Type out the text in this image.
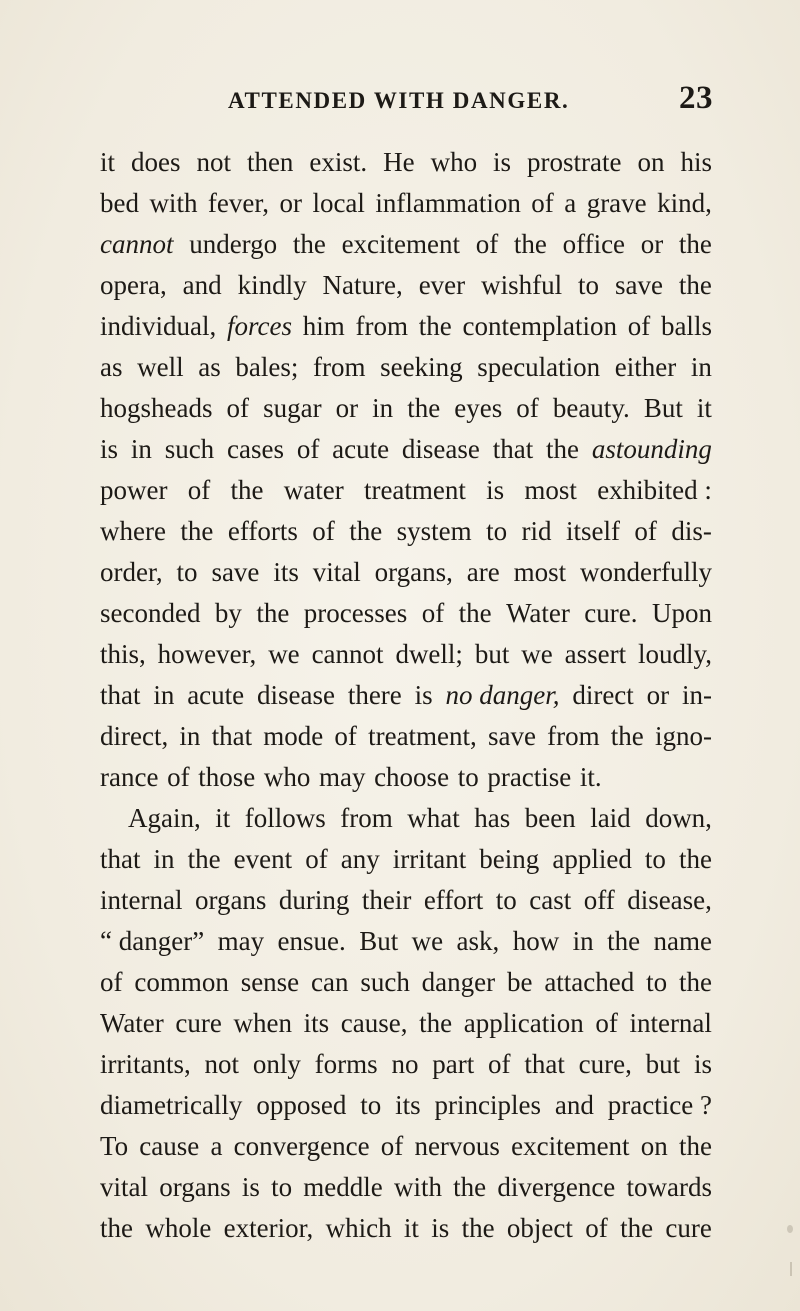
ATTENDED WITH DANGER.	23
it does not then exist. He who is prostrate on his
bed with fever, or local inflammation of a grave kind,
cannot undergo the excitement of the office or the
opera, and kindly Nature, ever wishful to save the
individual, forces him from the contemplation of balls
as well as bales; from seeking speculation either in
hogsheads of sugar or in the eyes of beauty. But it
is in such cases of acute disease that the astounding
power of the water treatment is most exhibited :
where the efforts of the system to rid itself of dis-
order, to save its vital organs, are most wonderfully
seconded by the processes of the Water cure. Upon
this, however, we cannot dwell; but we assert loudly,
that in acute disease there is no danger, direct or in-
direct, in that mode of treatment, save from the igno-
rance of those who may choose to practise it.
Again, it follows from what has been laid down,
that in the event of any irritant being applied to the
internal organs during their effort to cast off disease,
“ danger” may ensue. But we ask, how in the name
of common sense can such danger be attached to the
Water cure when its cause, the application of internal
irritants, not only forms no part of that cure, but is
diametrically opposed to its principles and practice ?
To cause a convergence of nervous excitement on the
vital organs is to meddle with the divergence towards
the whole exterior, which it is the object of the cure
